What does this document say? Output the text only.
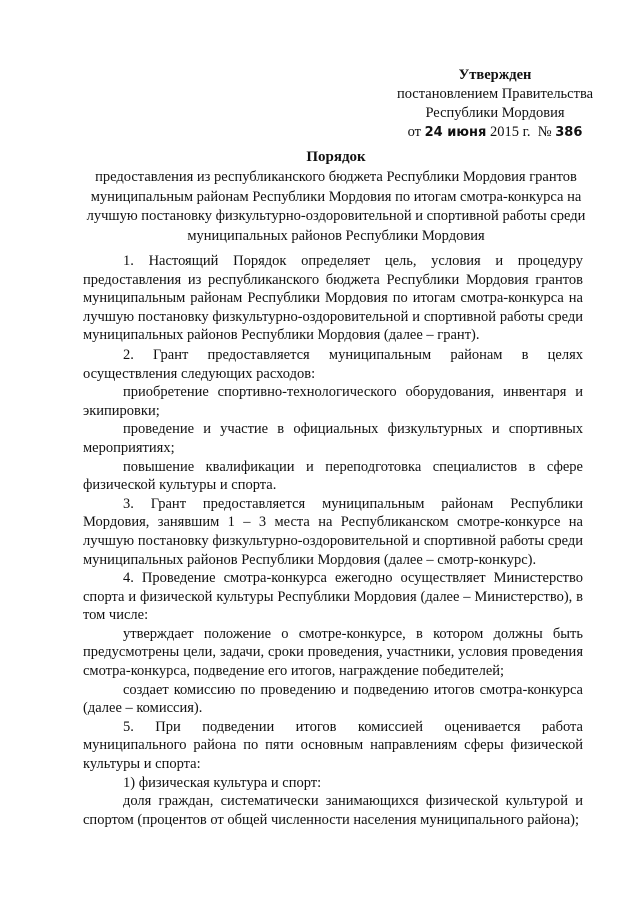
Утвержден
постановлением Правительства
Республики Мордовия
от 24 июня 2015 г. № 386
Порядок
предоставления из республиканского бюджета Республики Мордовия грантов муниципальным районам Республики Мордовия по итогам смотра-конкурса на лучшую постановку физкультурно-оздоровительной и спортивной работы среди муниципальных районов Республики Мордовия

1. Настоящий Порядок определяет цель, условия и процедуру предоставления из республиканского бюджета Республики Мордовия грантов муниципальным районам Республики Мордовия по итогам смотра-конкурса на лучшую постановку физкультурно-оздоровительной и спортивной работы среди муниципальных районов Республики Мордовия (далее – грант).

2. Грант предоставляется муниципальным районам в целях осуществления следующих расходов:

приобретение спортивно-технологического оборудования, инвентаря и экипировки;

проведение и участие в официальных физкультурных и спортивных мероприятиях;

повышение квалификации и переподготовка специалистов в сфере физической культуры и спорта.

3. Грант предоставляется муниципальным районам Республики Мордовия, занявшим 1 – 3 места на Республиканском смотре-конкурсе на лучшую постановку физкультурно-оздоровительной и спортивной работы среди муниципальных районов Республики Мордовия (далее – смотр-конкурс).

4. Проведение смотра-конкурса ежегодно осуществляет Министерство спорта и физической культуры Республики Мордовия (далее – Министерство), в том числе:

утверждает положение о смотре-конкурсе, в котором должны быть предусмотрены цели, задачи, сроки проведения, участники, условия проведения смотра-конкурса, подведение его итогов, награждение победителей;

создает комиссию по проведению и подведению итогов смотра-конкурса (далее – комиссия).

5. При подведении итогов комиссией оценивается работа муниципального района по пяти основным направлениям сферы физической культуры и спорта:

1) физическая культура и спорт:

доля граждан, систематически занимающихся физической культурой и спортом (процентов от общей численности населения муниципального района);
